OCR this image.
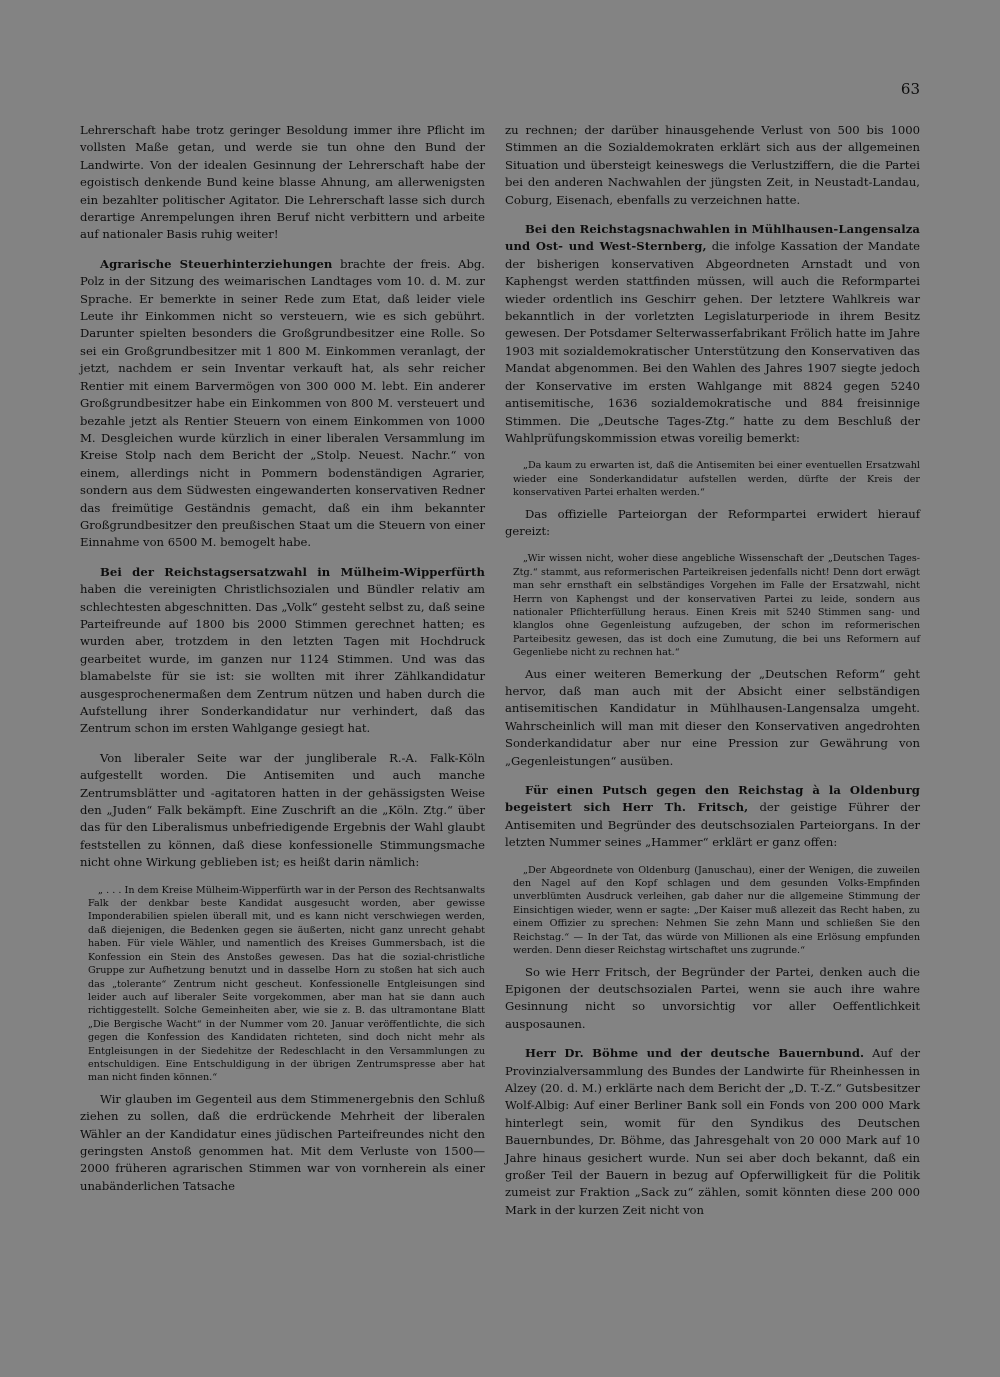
63

Lehrerschaft habe trotz geringer Besoldung immer ihre Pflicht im vollsten Maße getan, und werde sie tun ohne den Bund der Landwirte. Von der idealen Gesinnung der Lehrerschaft habe der egoistisch denkende Bund keine blasse Ahnung, am allerwenigsten ein bezahlter politischer Agitator. Die Lehrerschaft lasse sich durch derartige Anrempelungen ihren Beruf nicht verbittern und arbeite auf nationaler Basis ruhig weiter!

Agrarische Steuerhinterziehungen brachte der freis. Abg. Polz in der Sitzung des weimarischen Landtages vom 10. d. M. zur Sprache. Er bemerkte in seiner Rede zum Etat, daß leider viele Leute ihr Einkommen nicht so versteuern, wie es sich gebührt. Darunter spielten besonders die Großgrundbesitzer eine Rolle. So sei ein Großgrundbesitzer mit 1 800 M. Einkommen veranlagt, der jetzt, nachdem er sein Inventar verkauft hat, als sehr reicher Rentier mit einem Barvermögen von 300 000 M. lebt. Ein anderer Großgrundbesitzer habe ein Einkommen von 800 M. versteuert und bezahle jetzt als Rentier Steuern von einem Einkommen von 1000 M. Desgleichen wurde kürzlich in einer liberalen Versammlung im Kreise Stolp nach dem Bericht der „Stolp. Neuest. Nachr.“ von einem, allerdings nicht in Pommern bodenständigen Agrarier, sondern aus dem Südwesten eingewanderten konservativen Redner das freimütige Geständnis gemacht, daß ein ihm bekannter Großgrundbesitzer den preußischen Staat um die Steuern von einer Einnahme von 6500 M. bemogelt habe.

Bei der Reichstagsersatzwahl in Mülheim-Wipperfürth haben die vereinigten Christlichsozialen und Bündler relativ am schlechtesten abgeschnitten. Das „Volk“ gesteht selbst zu, daß seine Parteifreunde auf 1800 bis 2000 Stimmen gerechnet hatten; es wurden aber, trotzdem in den letzten Tagen mit Hochdruck gearbeitet wurde, im ganzen nur 1124 Stimmen. Und was das blamabelste für sie ist: sie wollten mit ihrer Zählkandidatur ausgesprochenermaßen dem Zentrum nützen und haben durch die Aufstellung ihrer Sonderkandidatur nur verhindert, daß das Zentrum schon im ersten Wahlgange gesiegt hat.

Von liberaler Seite war der jungliberale R.-A. Falk-Köln aufgestellt worden. Die Antisemiten und auch manche Zentrumsblätter und -agitatoren hatten in der gehässigsten Weise den „Juden“ Falk bekämpft. Eine Zuschrift an die „Köln. Ztg.“ über das für den Liberalismus unbefriedigende Ergebnis der Wahl glaubt feststellen zu können, daß diese konfessionelle Stimmungsmache nicht ohne Wirkung geblieben ist; es heißt darin nämlich:

„ . . . In dem Kreise Mülheim-Wipperfürth war in der Person des Rechtsanwalts Falk der denkbar beste Kandidat ausgesucht worden, aber gewisse Imponderabilien spielen überall mit, und es kann nicht verschwiegen werden, daß diejenigen, die Bedenken gegen sie äußerten, nicht ganz unrecht gehabt haben. Für viele Wähler, und namentlich des Kreises Gummersbach, ist die Konfession ein Stein des Anstoßes gewesen. Das hat die sozial-christliche Gruppe zur Aufhetzung benutzt und in dasselbe Horn zu stoßen hat sich auch das „tolerante“ Zentrum nicht gescheut. Konfessionelle Entgleisungen sind leider auch auf liberaler Seite vorgekommen, aber man hat sie dann auch richtiggestellt. Solche Gemeinheiten aber, wie sie z. B. das ultramontane Blatt „Die Bergische Wacht“ in der Nummer vom 20. Januar veröffentlichte, die sich gegen die Konfession des Kandidaten richteten, sind doch nicht mehr als Entgleisungen in der Siedehitze der Redeschlacht in den Versammlungen zu entschuldigen. Eine Entschuldigung in der übrigen Zentrumspresse aber hat man nicht finden können.“

Wir glauben im Gegenteil aus dem Stimmenergebnis den Schluß ziehen zu sollen, daß die erdrückende Mehrheit der liberalen Wähler an der Kandidatur eines jüdischen Parteifreundes nicht den geringsten Anstoß genommen hat. Mit dem Verluste von 1500—2000 früheren agrarischen Stimmen war von vornherein als einer unabänderlichen Tatsache

zu rechnen; der darüber hinausgehende Verlust von 500 bis 1000 Stimmen an die Sozialdemokraten erklärt sich aus der allgemeinen Situation und übersteigt keineswegs die Verlustziffern, die die Partei bei den anderen Nachwahlen der jüngsten Zeit, in Neustadt-Landau, Coburg, Eisenach, ebenfalls zu verzeichnen hatte.

Bei den Reichstagsnachwahlen in Mühlhausen-Langensalza und Ost- und West-Sternberg, die infolge Kassation der Mandate der bisherigen konservativen Abgeordneten Arnstadt und von Kaphengst werden stattfinden müssen, will auch die Reformpartei wieder ordentlich ins Geschirr gehen. Der letztere Wahlkreis war bekanntlich in der vorletzten Legislaturperiode in ihrem Besitz gewesen. Der Potsdamer Selterwasserfabrikant Frölich hatte im Jahre 1903 mit sozialdemokratischer Unterstützung den Konservativen das Mandat abgenommen. Bei den Wahlen des Jahres 1907 siegte jedoch der Konservative im ersten Wahlgange mit 8824 gegen 5240 antisemitische, 1636 sozialdemokratische und 884 freisinnige Stimmen. Die „Deutsche Tages-Ztg.“ hatte zu dem Beschluß der Wahlprüfungskommission etwas voreilig bemerkt:

„Da kaum zu erwarten ist, daß die Antisemiten bei einer eventuellen Ersatzwahl wieder eine Sonderkandidatur aufstellen werden, dürfte der Kreis der konservativen Partei erhalten werden.“

Das offizielle Parteiorgan der Reformpartei erwidert hierauf gereizt:

„Wir wissen nicht, woher diese angebliche Wissenschaft der „Deutschen Tages-Ztg.“ stammt, aus reformerischen Parteikreisen jedenfalls nicht! Denn dort erwägt man sehr ernsthaft ein selbständiges Vorgehen im Falle der Ersatzwahl, nicht Herrn von Kaphengst und der konservativen Partei zu leide, sondern aus nationaler Pflichterfüllung heraus. Einen Kreis mit 5240 Stimmen sang- und klanglos ohne Gegenleistung aufzugeben, der schon im reformerischen Parteibesitz gewesen, das ist doch eine Zumutung, die bei uns Reformern auf Gegenliebe nicht zu rechnen hat.“

Aus einer weiteren Bemerkung der „Deutschen Reform“ geht hervor, daß man auch mit der Absicht einer selbständigen antisemitischen Kandidatur in Mühlhausen-Langensalza umgeht. Wahrscheinlich will man mit dieser den Konservativen angedrohten Sonderkandidatur aber nur eine Pression zur Gewährung von „Gegenleistungen“ ausüben.

Für einen Putsch gegen den Reichstag à la Oldenburg begeistert sich Herr Th. Fritsch, der geistige Führer der Antisemiten und Begründer des deutschsozialen Parteiorgans. In der letzten Nummer seines „Hammer“ erklärt er ganz offen:

„Der Abgeordnete von Oldenburg (Januschau), einer der Wenigen, die zuweilen den Nagel auf den Kopf schlagen und dem gesunden Volks-Empfinden unverblümten Ausdruck verleihen, gab daher nur die allgemeine Stimmung der Einsichtigen wieder, wenn er sagte: „Der Kaiser muß allezeit das Recht haben, zu einem Offizier zu sprechen: Nehmen Sie zehn Mann und schließen Sie den Reichstag.“ — In der Tat, das würde von Millionen als eine Erlösung empfunden werden. Denn dieser Reichstag wirtschaftet uns zugrunde.“

So wie Herr Fritsch, der Begründer der Partei, denken auch die Epigonen der deutschsozialen Partei, wenn sie auch ihre wahre Gesinnung nicht so unvorsichtig vor aller Oeffentlichkeit ausposaunen.

Herr Dr. Böhme und der deutsche Bauernbund. Auf der Provinzialversammlung des Bundes der Landwirte für Rheinhessen in Alzey (20. d. M.) erklärte nach dem Bericht der „D. T.-Z.“ Gutsbesitzer Wolf-Albig: Auf einer Berliner Bank soll ein Fonds von 200 000 Mark hinterlegt sein, womit für den Syndikus des Deutschen Bauernbundes, Dr. Böhme, das Jahresgehalt von 20 000 Mark auf 10 Jahre hinaus gesichert wurde. Nun sei aber doch bekannt, daß ein großer Teil der Bauern in bezug auf Opferwilligkeit für die Politik zumeist zur Fraktion „Sack zu“ zählen, somit könnten diese 200 000 Mark in der kurzen Zeit nicht von
